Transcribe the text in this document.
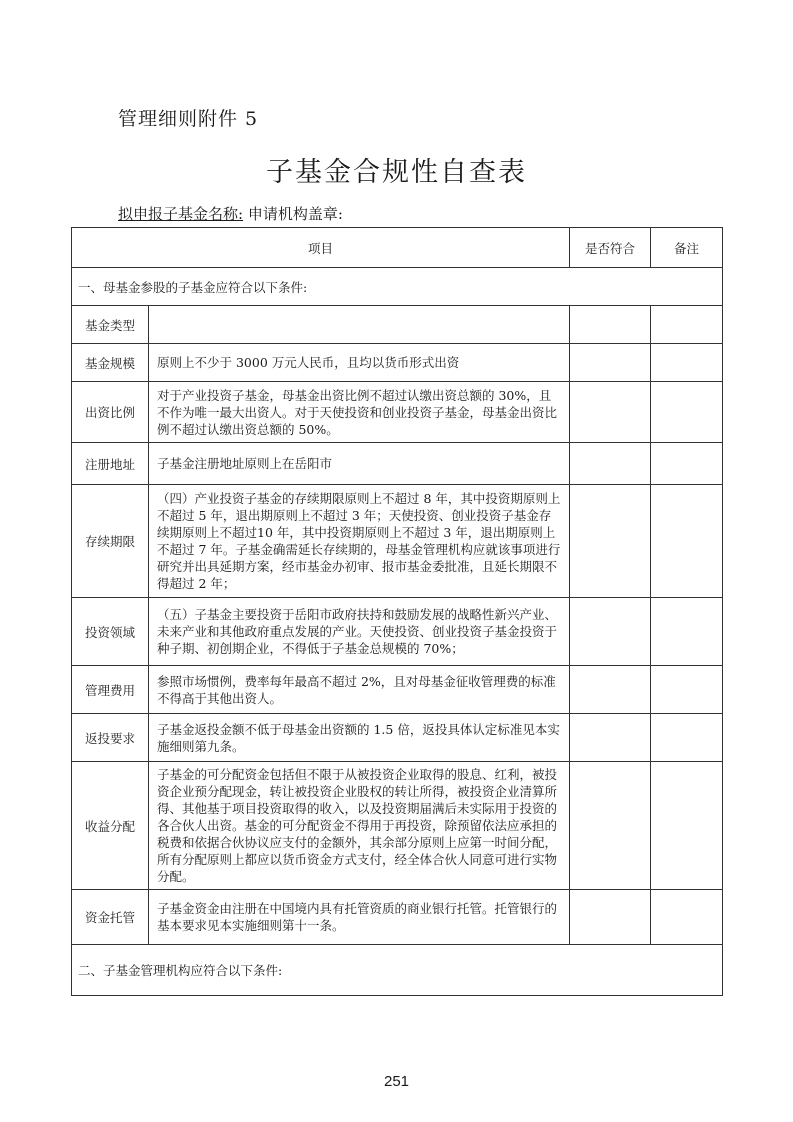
管理细则附件 5
子基金合规性自查表
拟申报子基金名称: 申请机构盖章:
项目		是否符合	备注
一、母基金参股的子基金应符合以下条件:			
基金类型			
基金规模	原则上不少于 3000 万元人民币，且均以货币形式出资		
出资比例	对于产业投资子基金，母基金出资比例不超过认缴出资总额的 30%，且不作为唯一最大出资人。对于天使投资和创业投资子基金，母基金出资比例不超过认缴出资总额的 50%。		
注册地址	子基金注册地址原则上在岳阳市		
存续期限	（四）产业投资子基金的存续期限原则上不超过 8 年，其中投资期原则上不超过 5 年，退出期原则上不超过 3 年；天使投资、创业投资子基金存续期原则上不超过10 年，其中投资期原则上不超过 3 年，退出期原则上不超过 7 年。子基金确需延长存续期的，母基金管理机构应就该事项进行研究并出具延期方案，经市基金办初审、报市基金委批准，且延长期限不得超过 2 年；		
投资领域	（五）子基金主要投资于岳阳市政府扶持和鼓励发展的战略性新兴产业、未来产业和其他政府重点发展的产业。天使投资、创业投资子基金投资于种子期、初创期企业，不得低于子基金总规模的 70%；		
管理费用	参照市场惯例，费率每年最高不超过 2%，且对母基金征收管理费的标准不得高于其他出资人。		
返投要求	子基金返投金额不低于母基金出资额的 1.5 倍，返投具体认定标准见本实施细则第九条。		
收益分配	子基金的可分配资金包括但不限于从被投资企业取得的股息、红利，被投资企业预分配现金，转让被投资企业股权的转让所得，被投资企业清算所得、其他基于项目投资取得的收入，以及投资期届满后未实际用于投资的各合伙人出资。基金的可分配资金不得用于再投资，除预留依法应承担的税费和依据合伙协议应支付的金额外，其余部分原则上应第一时间分配，所有分配原则上都应以货币资金方式支付，经全体合伙人同意可进行实物分配。		
资金托管	子基金资金由注册在中国境内具有托管资质的商业银行托管。托管银行的基本要求见本实施细则第十一条。		
二、子基金管理机构应符合以下条件:			
251
